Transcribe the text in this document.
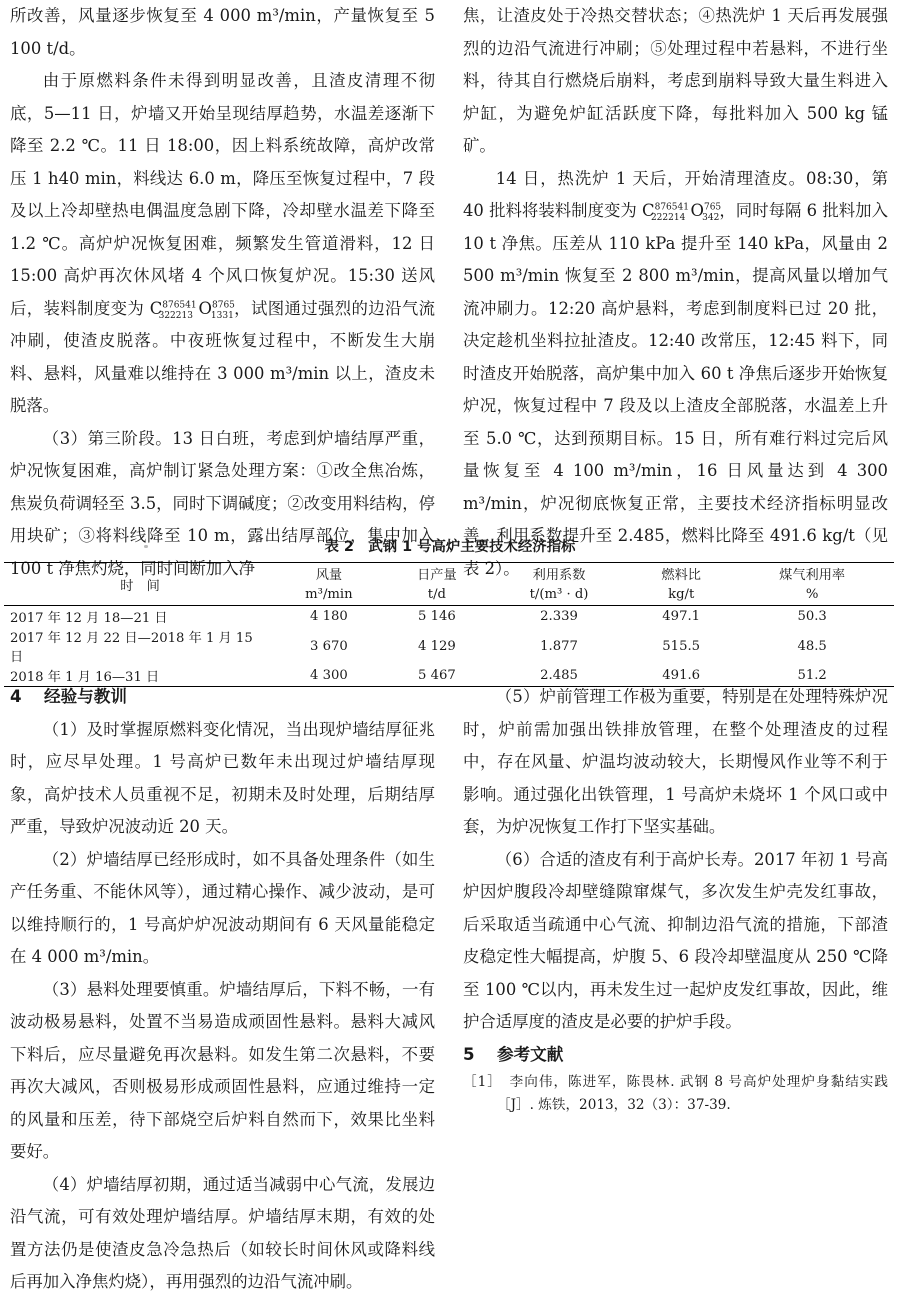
所改善，风量逐步恢复至 4 000 m³/min，产量恢复至 5 100 t/d。

由于原燃料条件未得到明显改善，且渣皮清理不彻底，5—11 日，炉墙又开始呈现结厚趋势，水温差逐渐下降至 2.2 ℃。11 日 18:00，因上料系统故障，高炉改常压 1 h40 min，料线达 6.0 m，降压至恢复过程中，7 段及以上冷却壁热电偶温度急剧下降，冷却壁水温差下降至 1.2 ℃。高炉炉况恢复困难，频繁发生管道滑料，12 日 15:00 高炉再次休风堵 4 个风口恢复炉况。15:30 送风后，装料制度变为 $C^{876541}_{322213}$ $O^{8765}_{1331}$，试图通过强烈的边沿气流冲刷，使渣皮脱落。中夜班恢复过程中，不断发生大崩料、悬料，风量难以维持在 3 000 m³/min 以上，渣皮未脱落。

（3）第三阶段。13 日白班，考虑到炉墙结厚严重，炉况恢复困难，高炉制订紧急处理方案：①改全焦冶炼，焦炭负荷调轻至 3.5，同时下调碱度；②改变用料结构，停用块矿；③将料线降至 10 m，露出结厚部位，集中加入 100 t 净焦灼烧，同时间断加入净

焦，让渣皮处于冷热交替状态；④热洗炉 1 天后再发展强烈的边沿气流进行冲刷；⑤处理过程中若悬料，不进行坐料，待其自行燃烧后崩料，考虑到崩料导致大量生料进入炉缸，为避免炉缸活跃度下降，每批料加入 500 kg 锰矿。

14 日，热洗炉 1 天后，开始清理渣皮。08:30，第 40 批料将装料制度变为 $C^{876541}_{222214}$ $O^{765}_{342}$，同时每隔 6 批料加入 10 t 净焦。压差从 110 kPa 提升至 140 kPa，风量由 2 500 m³/min 恢复至 2 800 m³/min，提高风量以增加气流冲刷力。12:20 高炉悬料，考虑到制度料已过 20 批，决定趁机坐料拉扯渣皮。12:40 改常压，12:45 料下，同时渣皮开始脱落，高炉集中加入 60 t 净焦后逐步开始恢复炉况，恢复过程中 7 段及以上渣皮全部脱落，水温差上升至 5.0 ℃，达到预期目标。15 日，所有难行料过完后风量恢复至 4 100 m³/min，16 日风量达到 4 300 m³/min，炉况彻底恢复正常，主要技术经济指标明显改善，利用系数提升至 2.485，燃料比降至 491.6 kg/t（见表 2）。

表 2　武钢 1 号高炉主要技术经济指标
时　间	风量	日产量	利用系数	燃料比	煤气利用率
	m³/min	t/d	t/(m³ · d)	kg/t	%
2017 年 12 月 18—21 日	4 180	5 146	2.339	497.1	50.3
2017 年 12 月 22 日—2018 年 1 月 15 日	3 670	4 129	1.877	515.5	48.5
2018 年 1 月 16—31 日	4 300	5 467	2.485	491.6	51.2

4 经验与教训

（1）及时掌握原燃料变化情况，当出现炉墙结厚征兆时，应尽早处理。1 号高炉已数年未出现过炉墙结厚现象，高炉技术人员重视不足，初期未及时处理，后期结厚严重，导致炉况波动近 20 天。

（2）炉墙结厚已经形成时，如不具备处理条件（如生产任务重、不能休风等），通过精心操作、减少波动，是可以维持顺行的，1 号高炉炉况波动期间有 6 天风量能稳定在 4 000 m³/min。

（3）悬料处理要慎重。炉墙结厚后，下料不畅，一有波动极易悬料，处置不当易造成顽固性悬料。悬料大减风下料后，应尽量避免再次悬料。如发生第二次悬料，不要再次大减风，否则极易形成顽固性悬料，应通过维持一定的风量和压差，待下部烧空后炉料自然而下，效果比坐料要好。

（4）炉墙结厚初期，通过适当减弱中心气流，发展边沿气流，可有效处理炉墙结厚。炉墙结厚末期，有效的处置方法仍是使渣皮急冷急热后（如较长时间休风或降料线后再加入净焦灼烧），再用强烈的边沿气流冲刷。

（5）炉前管理工作极为重要，特别是在处理特殊炉况时，炉前需加强出铁排放管理，在整个处理渣皮的过程中，存在风量、炉温均波动较大，长期慢风作业等不利于影响。通过强化出铁管理，1 号高炉未烧坏 1 个风口或中套，为炉况恢复工作打下坚实基础。

（6）合适的渣皮有利于高炉长寿。2017 年初 1 号高炉因炉腹段冷却壁缝隙窜煤气，多次发生炉壳发红事故，后采取适当疏通中心气流、抑制边沿气流的措施，下部渣皮稳定性大幅提高，炉腹 5、6 段冷却壁温度从 250 ℃降至 100 ℃以内，再未发生过一起炉皮发红事故，因此，维护合适厚度的渣皮是必要的护炉手段。

5 参考文献

［1］　李向伟，陈进军，陈畏林. 武钢 8 号高炉处理炉身黏结实践［J］. 炼铁，2013，32（3）：37-39.
